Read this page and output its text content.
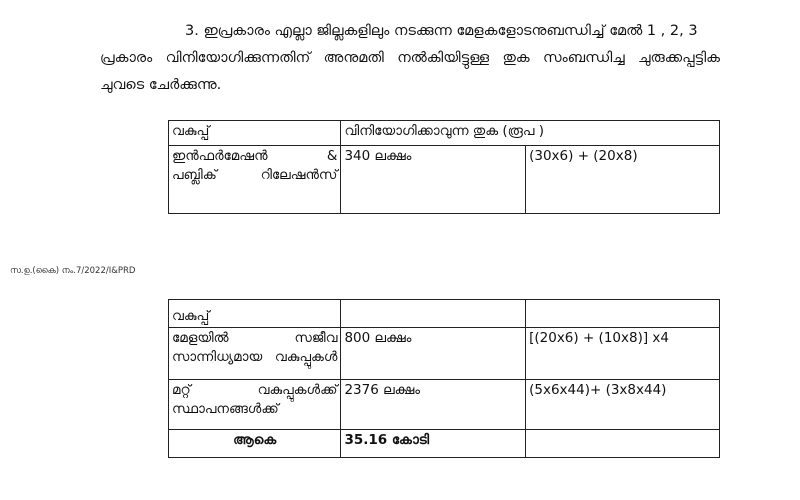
3. ഇപ്രകാരം എല്ലാ ജില്ലകളിലും നടക്കുന്ന മേളകളോടനുബന്ധിച്ച് മേൽ 1 , 2, 3
പ്രകാരം വിനിയോഗിക്കുന്നതിന് അനുമതി നൽകിയിട്ടുള്ള തുക സംബന്ധിച്ച ചുരുക്കപ്പട്ടിക
ചുവടെ ചേർക്കുന്നു.
വകുപ്പ്	വിനിയോഗിക്കാവുന്ന തുക (രൂപ )	

ഇൻഫർമേഷൻ &
പബ്ലിക് റിലേഷൻസ്	340 ലക്ഷം	(30x6) + (20x8)
സ.ഉ.(കൈ) നം.7/2022/I&PRD
വകുപ്പ്		

മേളയിൽ സജീവ
സാന്നിധ്യമായ വകുപ്പുകൾ	800 ലക്ഷം	[(20x6) + (10x8)] x4

മറ്റ് വകുപ്പുകൾക്ക്
സ്ഥാപനങ്ങൾക്ക്	2376 ലക്ഷം	(5x6x44)+ (3x8x44)
ആകെ	35.16 കോടി	
